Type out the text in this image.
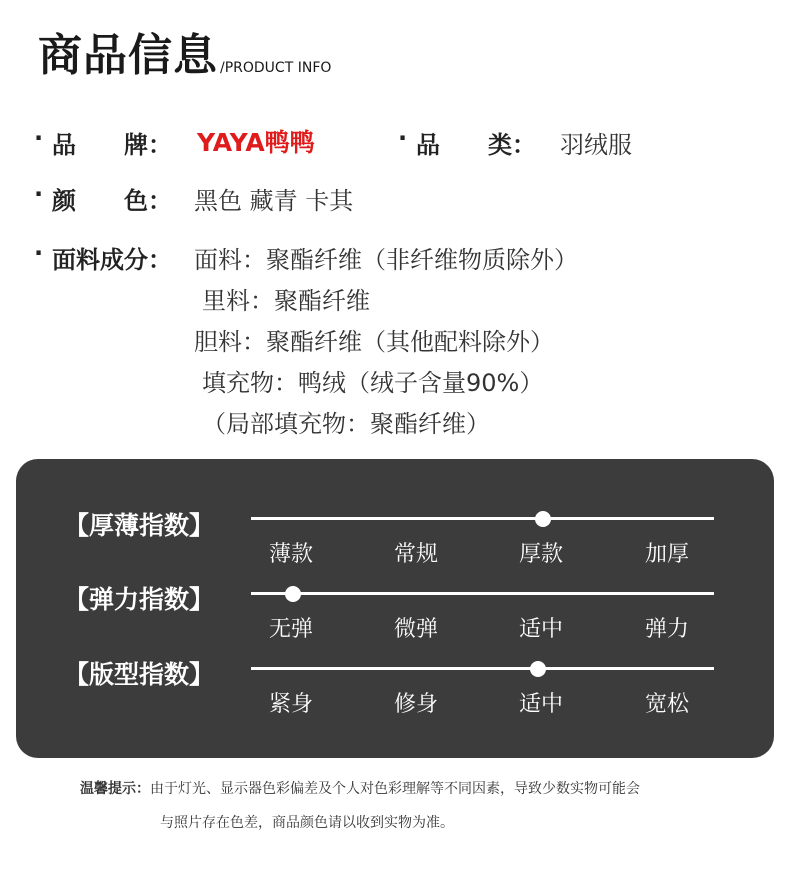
商品信息 /PRODUCT INFO
· 品　　牌： YAYA鸭鸭	· 品　　类： 羽绒服
· 颜　　色： 黑色 藏青 卡其
· 面料成分： 面料：聚酯纤维（非纤维物质除外）
里料：聚酯纤维
胆料：聚酯纤维（其他配料除外）
填充物：鸭绒（绒子含量90%）
（局部填充物：聚酯纤维）
【厚薄指数】
薄款	常规	厚款	加厚
【弹力指数】
无弹	微弹	适中	弹力
【版型指数】
紧身	修身	适中	宽松
温馨提示：由于灯光、显示器色彩偏差及个人对色彩理解等不同因素，导致少数实物可能会
与照片存在色差，商品颜色请以收到实物为准。
